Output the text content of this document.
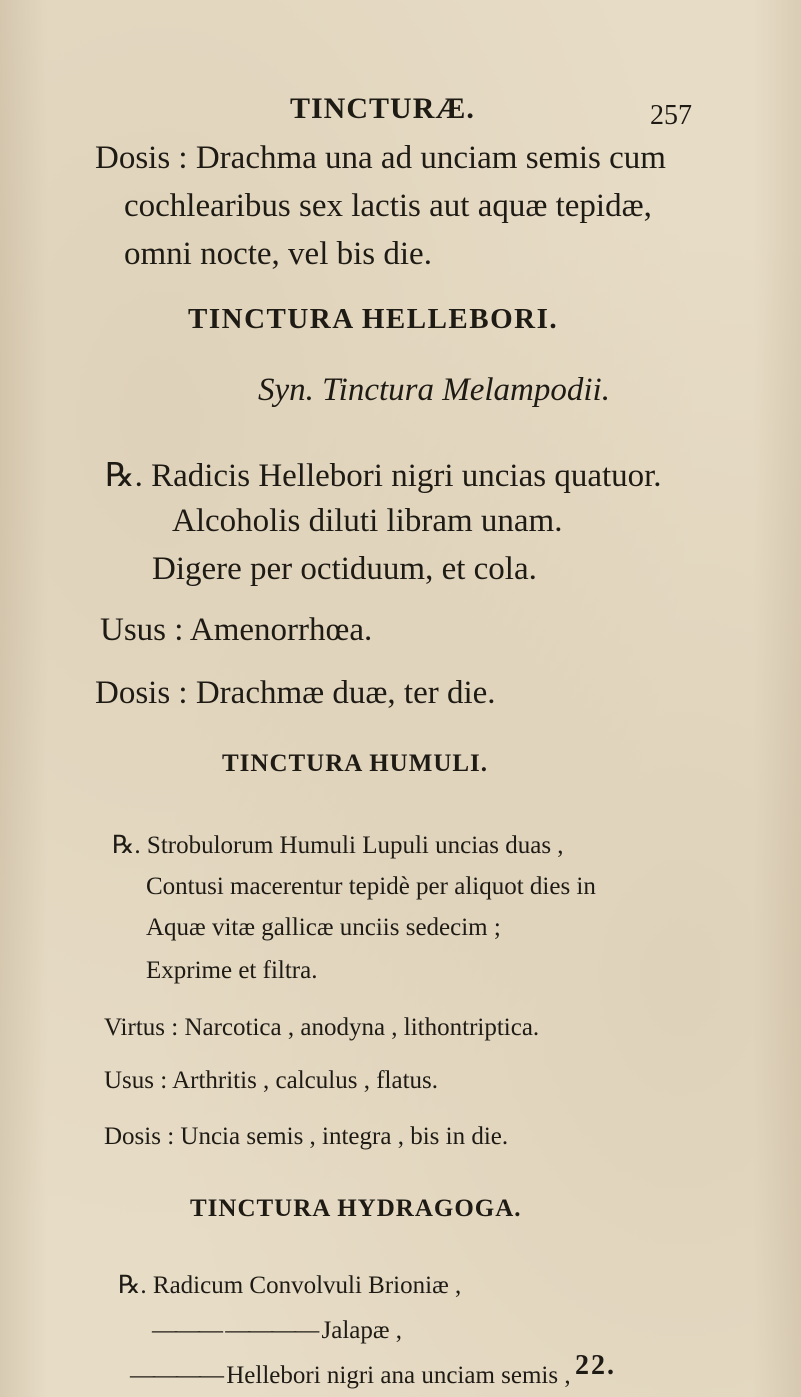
TINCTURÆ.	257
Dosis : Drachma una ad unciam semis cum
cochlearibus sex lactis aut aquæ tepidæ,
omni nocte, vel bis die.
TINCTURA HELLEBORI.
Syn. Tinctura Melampodii.
℞. Radicis Hellebori nigri uncias quatuor.
Alcoholis diluti libram unam.
Digere per octiduum, et cola.
Usus : Amenorrhœa.
Dosis : Drachmæ duæ, ter die.
TINCTURA HUMULI.
℞. Strobulorum Humuli Lupuli uncias duas ,
Contusi macerentur tepidè per aliquot dies in
Aquæ vitæ gallicæ unciis sedecim ;
Exprime et filtra.
Virtus : Narcotica , anodyna , lithontriptica.
Usus : Arthritis , calculus , flatus.
Dosis : Uncia semis , integra , bis in die.
TINCTURA HYDRAGOGA.
℞. Radicum Convolvuli Brioniæ ,
——— ———— Jalapæ ,
———— Hellebori nigri ana unciam semis , 22.
